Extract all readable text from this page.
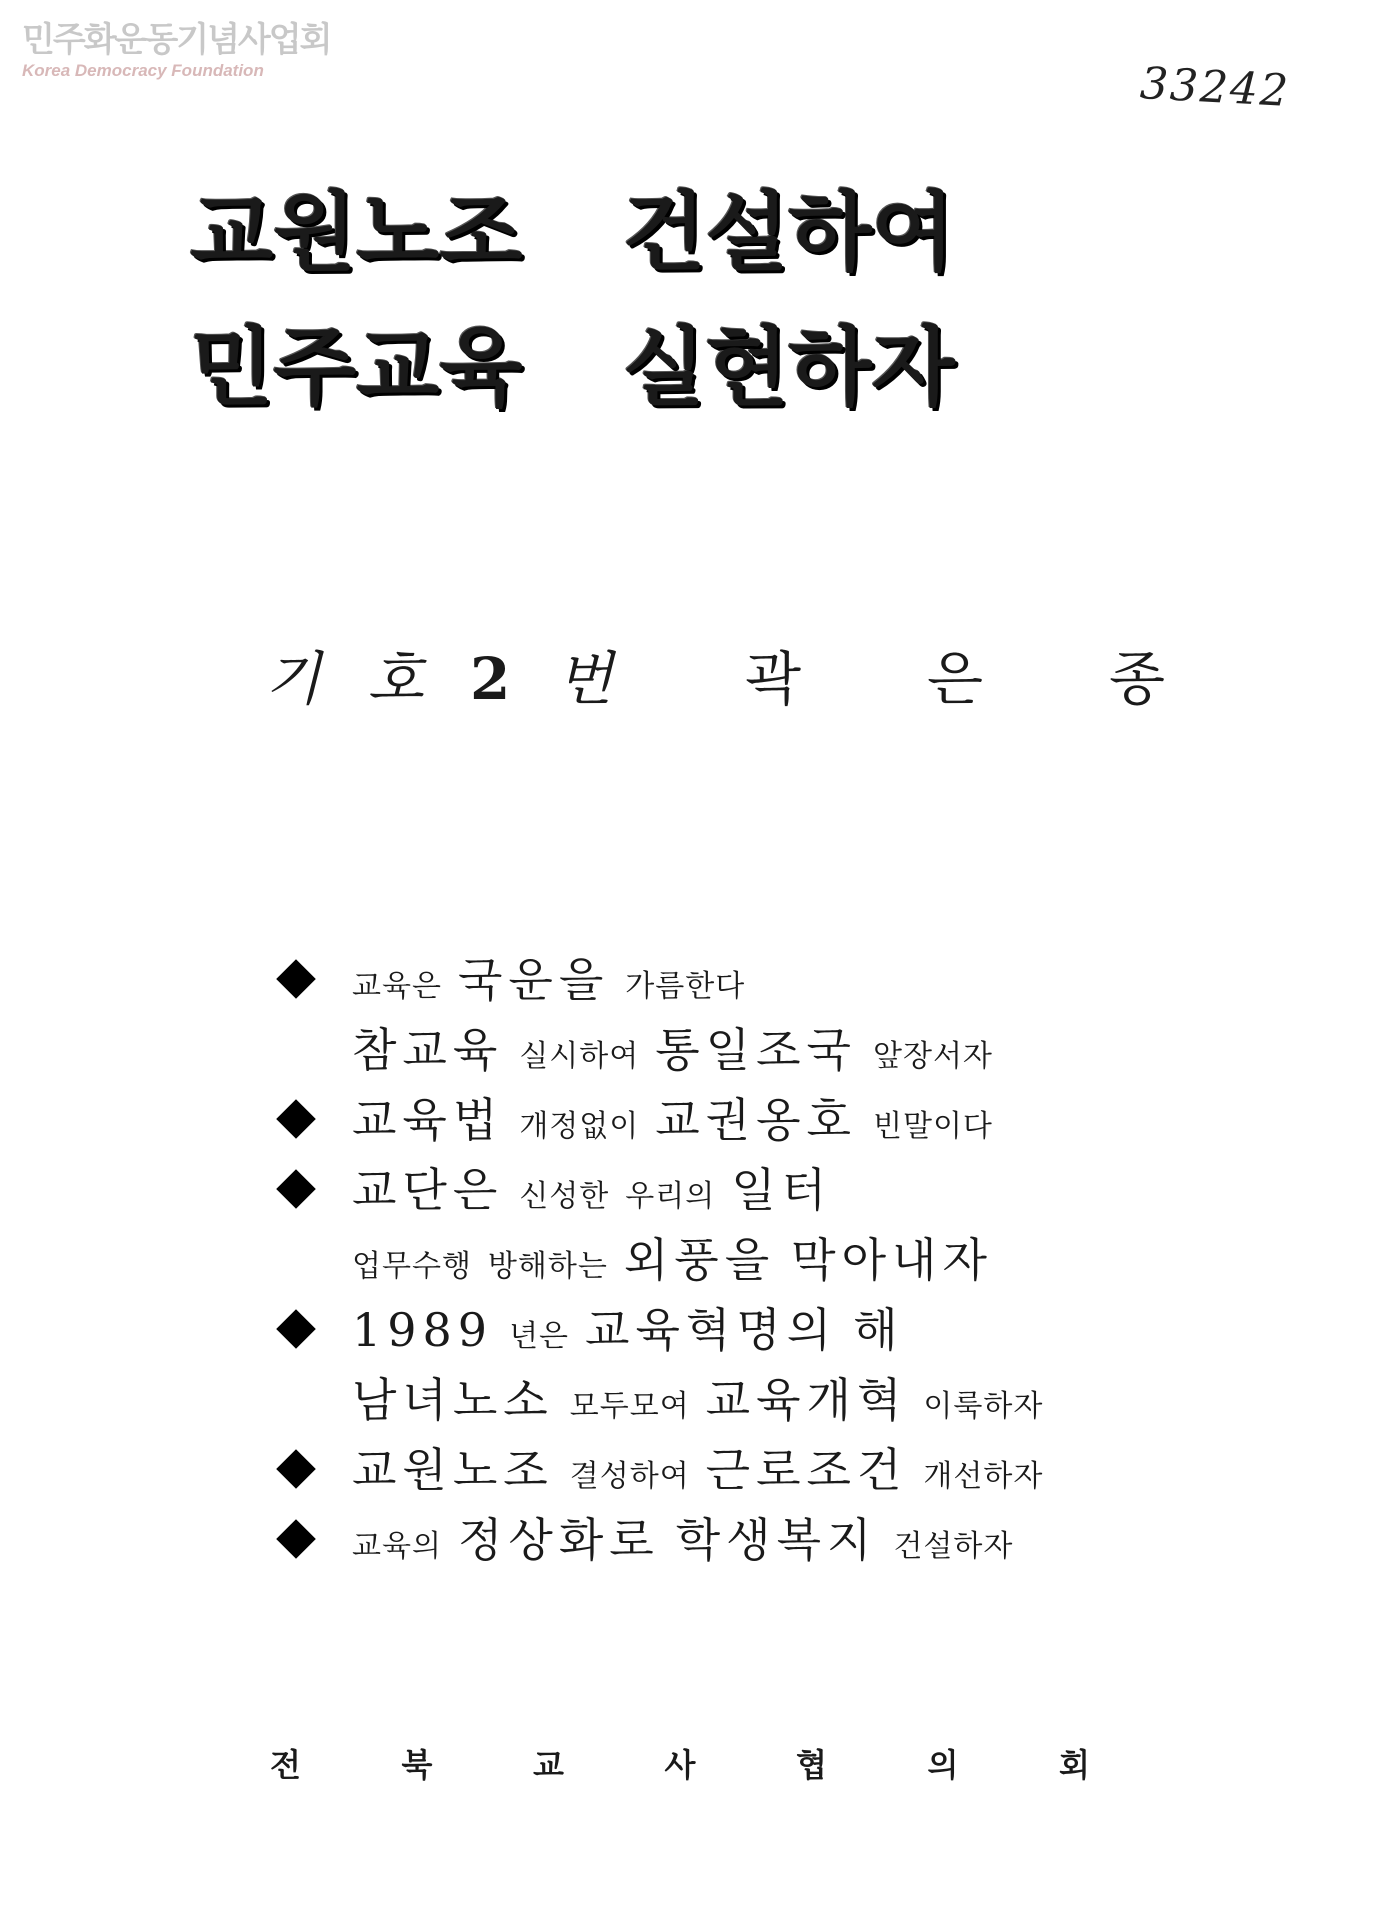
민주화운동기념사업회
Korea Democracy Foundation	33242
교원노조 건설하여
민주교육 실현하자
기 호 2 번 곽 은 종
교육은 국운을 가름한다
참교육 실시하여 통일조국 앞장서자
교육법 개정없이 교권옹호 빈말이다
교단은 신성한 우리의 일터
업무수행 방해하는 외풍을 막아내자
1989 년은 교육혁명의 해
남녀노소 모두모여 교육개혁 이룩하자
교원노조 결성하여 근로조건 개선하자
교육의 정상화로 학생복지 건설하자
전	북	교	사	협	의	회
